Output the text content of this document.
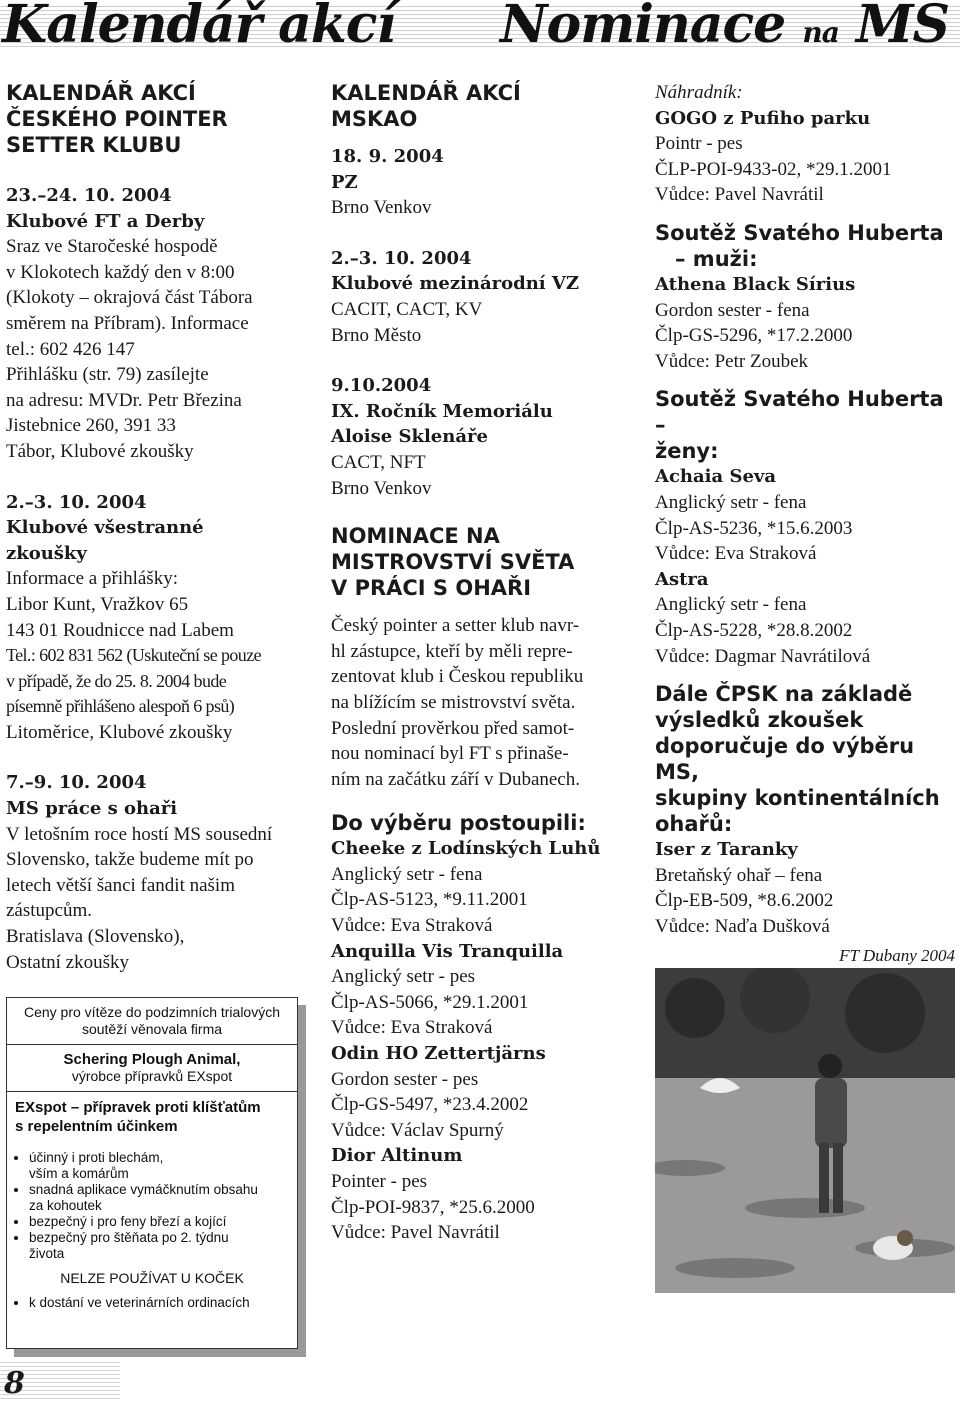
Kalendář akcí Nominace na MS
KALENDÁŘ AKCÍ
ČESKÉHO POINTER
SETTER KLUBU
23.–24. 10. 2004
Klubové FT a Derby
Sraz ve Staročeské hospodě
v Klokotech každý den v 8:00
(Klokoty – okrajová část Tábora
směrem na Příbram). Informace
tel.: 602 426 147
Přihlášku (str. 79) zasílejte
na adresu: MVDr. Petr Březina
Jistebnice 260, 391 33
Tábor, Klubové zkoušky
2.–3. 10. 2004
Klubové všestranné
zkoušky
Informace a přihlášky:
Libor Kunt, Vražkov 65
143 01 Roudnicce nad Labem
Tel.: 602 831 562 (Uskuteční se pouze
v případě, že do 25. 8. 2004 bude
písemně přihlášeno alespoň 6 psů)
Litoměrice, Klubové zkoušky
7.–9. 10. 2004
MS práce s ohaři
V letošním roce hostí MS sousední
Slovensko, takže budeme mít po
letech větší šanci fandit našim
zástupcům.
Bratislava (Slovensko),
Ostatní zkoušky
Ceny pro vítěze do podzimních trialových
soutěží věnovala firma
Schering Plough Animal,
výrobce přípravků EXspot
EXspot – přípravek proti klíšťatům
s repelentním účinkem
• účinný i proti blechám,
vším a komárům
• snadná aplikace vymáčknutím obsahu
za kohoutek
• bezpečný i pro feny březí a kojící
• bezpečný pro štěňata po 2. týdnu
života
NELZE POUŽÍVAT U KOČEK
• k dostání ve veterinárních ordinacích
KALENDÁŘ AKCÍ
MSKAO
18. 9. 2004
PZ
Brno Venkov
2.–3. 10. 2004
Klubové mezinárodní VZ
CACIT, CACT, KV
Brno Město
9.10.2004
IX. Ročník Memoriálu
Aloise Sklenáře
CACT, NFT
Brno Venkov
NOMINACE NA
MISTROVSTVÍ SVĚTA
V PRÁCI S OHAŘI
Český pointer a setter klub navr-
hl zástupce, kteří by měli repre-
zentovat klub i Českou republiku
na blížícím se mistrovství světa.
Poslední prověrkou před samot-
nou nominací byl FT s přinaše-
ním na začátku září v Dubanech.
Do výběru postoupili:
Cheeke z Lodínských Luhů
Anglický setr - fena
Člp-AS-5123, *9.11.2001
Vůdce: Eva Straková
Anquilla Vis Tranquilla
Anglický setr - pes
Člp-AS-5066, *29.1.2001
Vůdce: Eva Straková
Odin HO Zettertjärns
Gordon sester - pes
Člp-GS-5497, *23.4.2002
Vůdce: Václav Spurný
Dior Altinum
Pointer - pes
Člp-POI-9837, *25.6.2000
Vůdce: Pavel Navrátil
Náhradník:
GOGO z Pufiho parku
Pointr - pes
ČLP-POI-9433-02, *29.1.2001
Vůdce: Pavel Navrátil
Soutěž Svatého Huberta
– muži:
Athena Black Sírius
Gordon sester - fena
Člp-GS-5296, *17.2.2000
Vůdce: Petr Zoubek
Soutěž Svatého Huberta –
ženy:
Achaia Seva
Anglický setr - fena
Člp-AS-5236, *15.6.2003
Vůdce: Eva Straková
Astra
Anglický setr - fena
Člp-AS-5228, *28.8.2002
Vůdce: Dagmar Navrátilová
Dále ČPSK na základě
výsledků zkoušek
doporučuje do výběru MS,
skupiny kontinentálních
ohařů:
Iser z Taranky
Bretaňský ohař – fena
Člp-EB-509, *8.6.2002
Vůdce: Naďa Dušková
FT Dubany 2004
8
